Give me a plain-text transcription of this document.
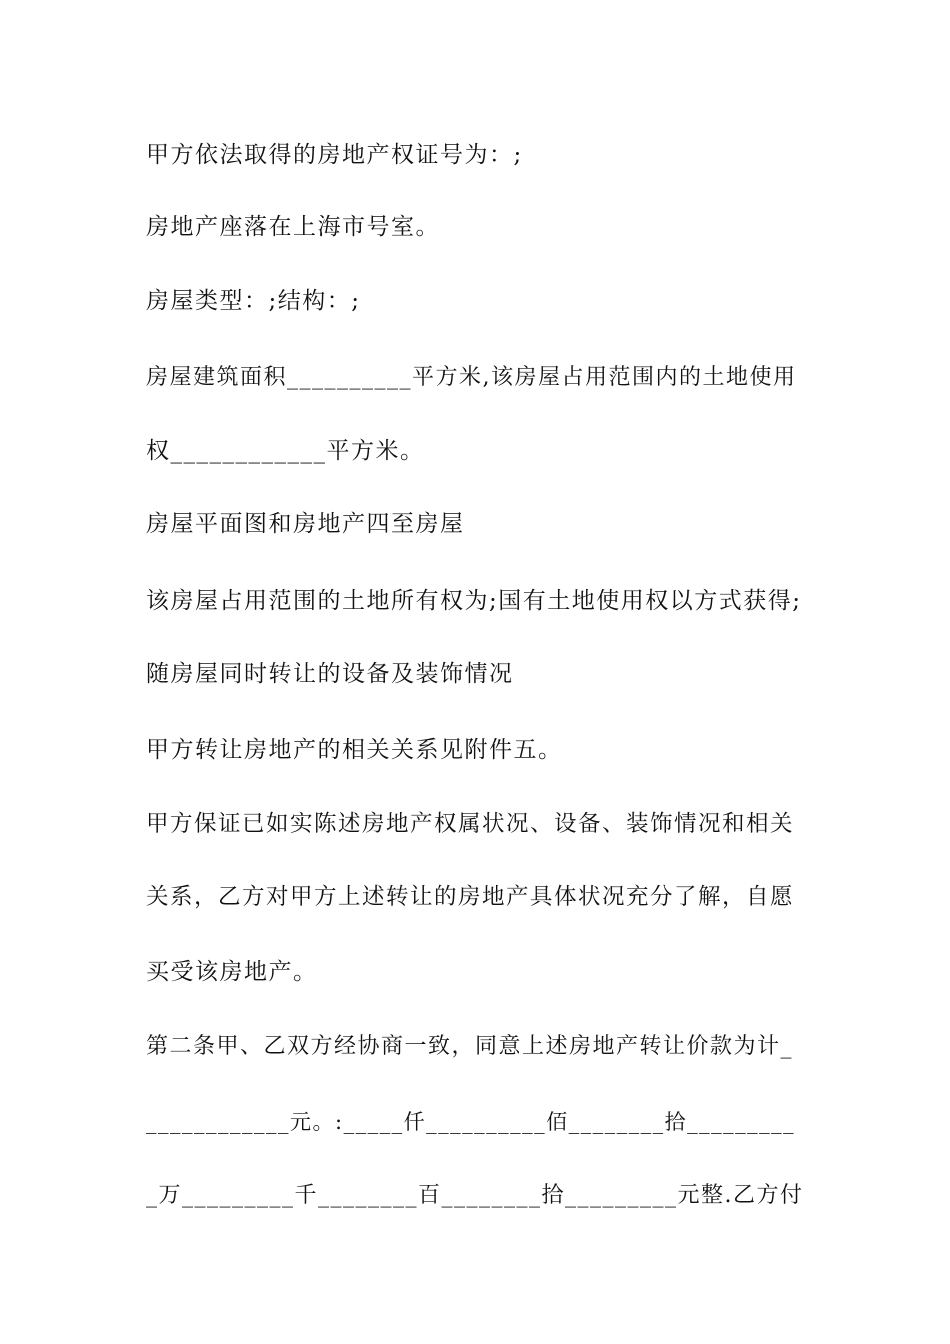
甲方依法取得的房地产权证号为：;
房地产座落在上海市号室。
房屋类型：;结构：;
房屋建筑面积__________平方米,该房屋占用范围内的土地使用
权____________平方米。
房屋平面图和房地产四至房屋
该房屋占用范围的土地所有权为;国有土地使用权以方式获得;
随房屋同时转让的设备及装饰情况
甲方转让房地产的相关关系见附件五。
甲方保证已如实陈述房地产权属状况、设备、装饰情况和相关
关系，乙方对甲方上述转让的房地产具体状况充分了解，自愿
买受该房地产。
第二条甲、乙双方经协商一致，同意上述房地产转让价款为计_
____________元。:_____仟__________佰________拾_________
_万_________千________百________拾_________元整.乙方付
